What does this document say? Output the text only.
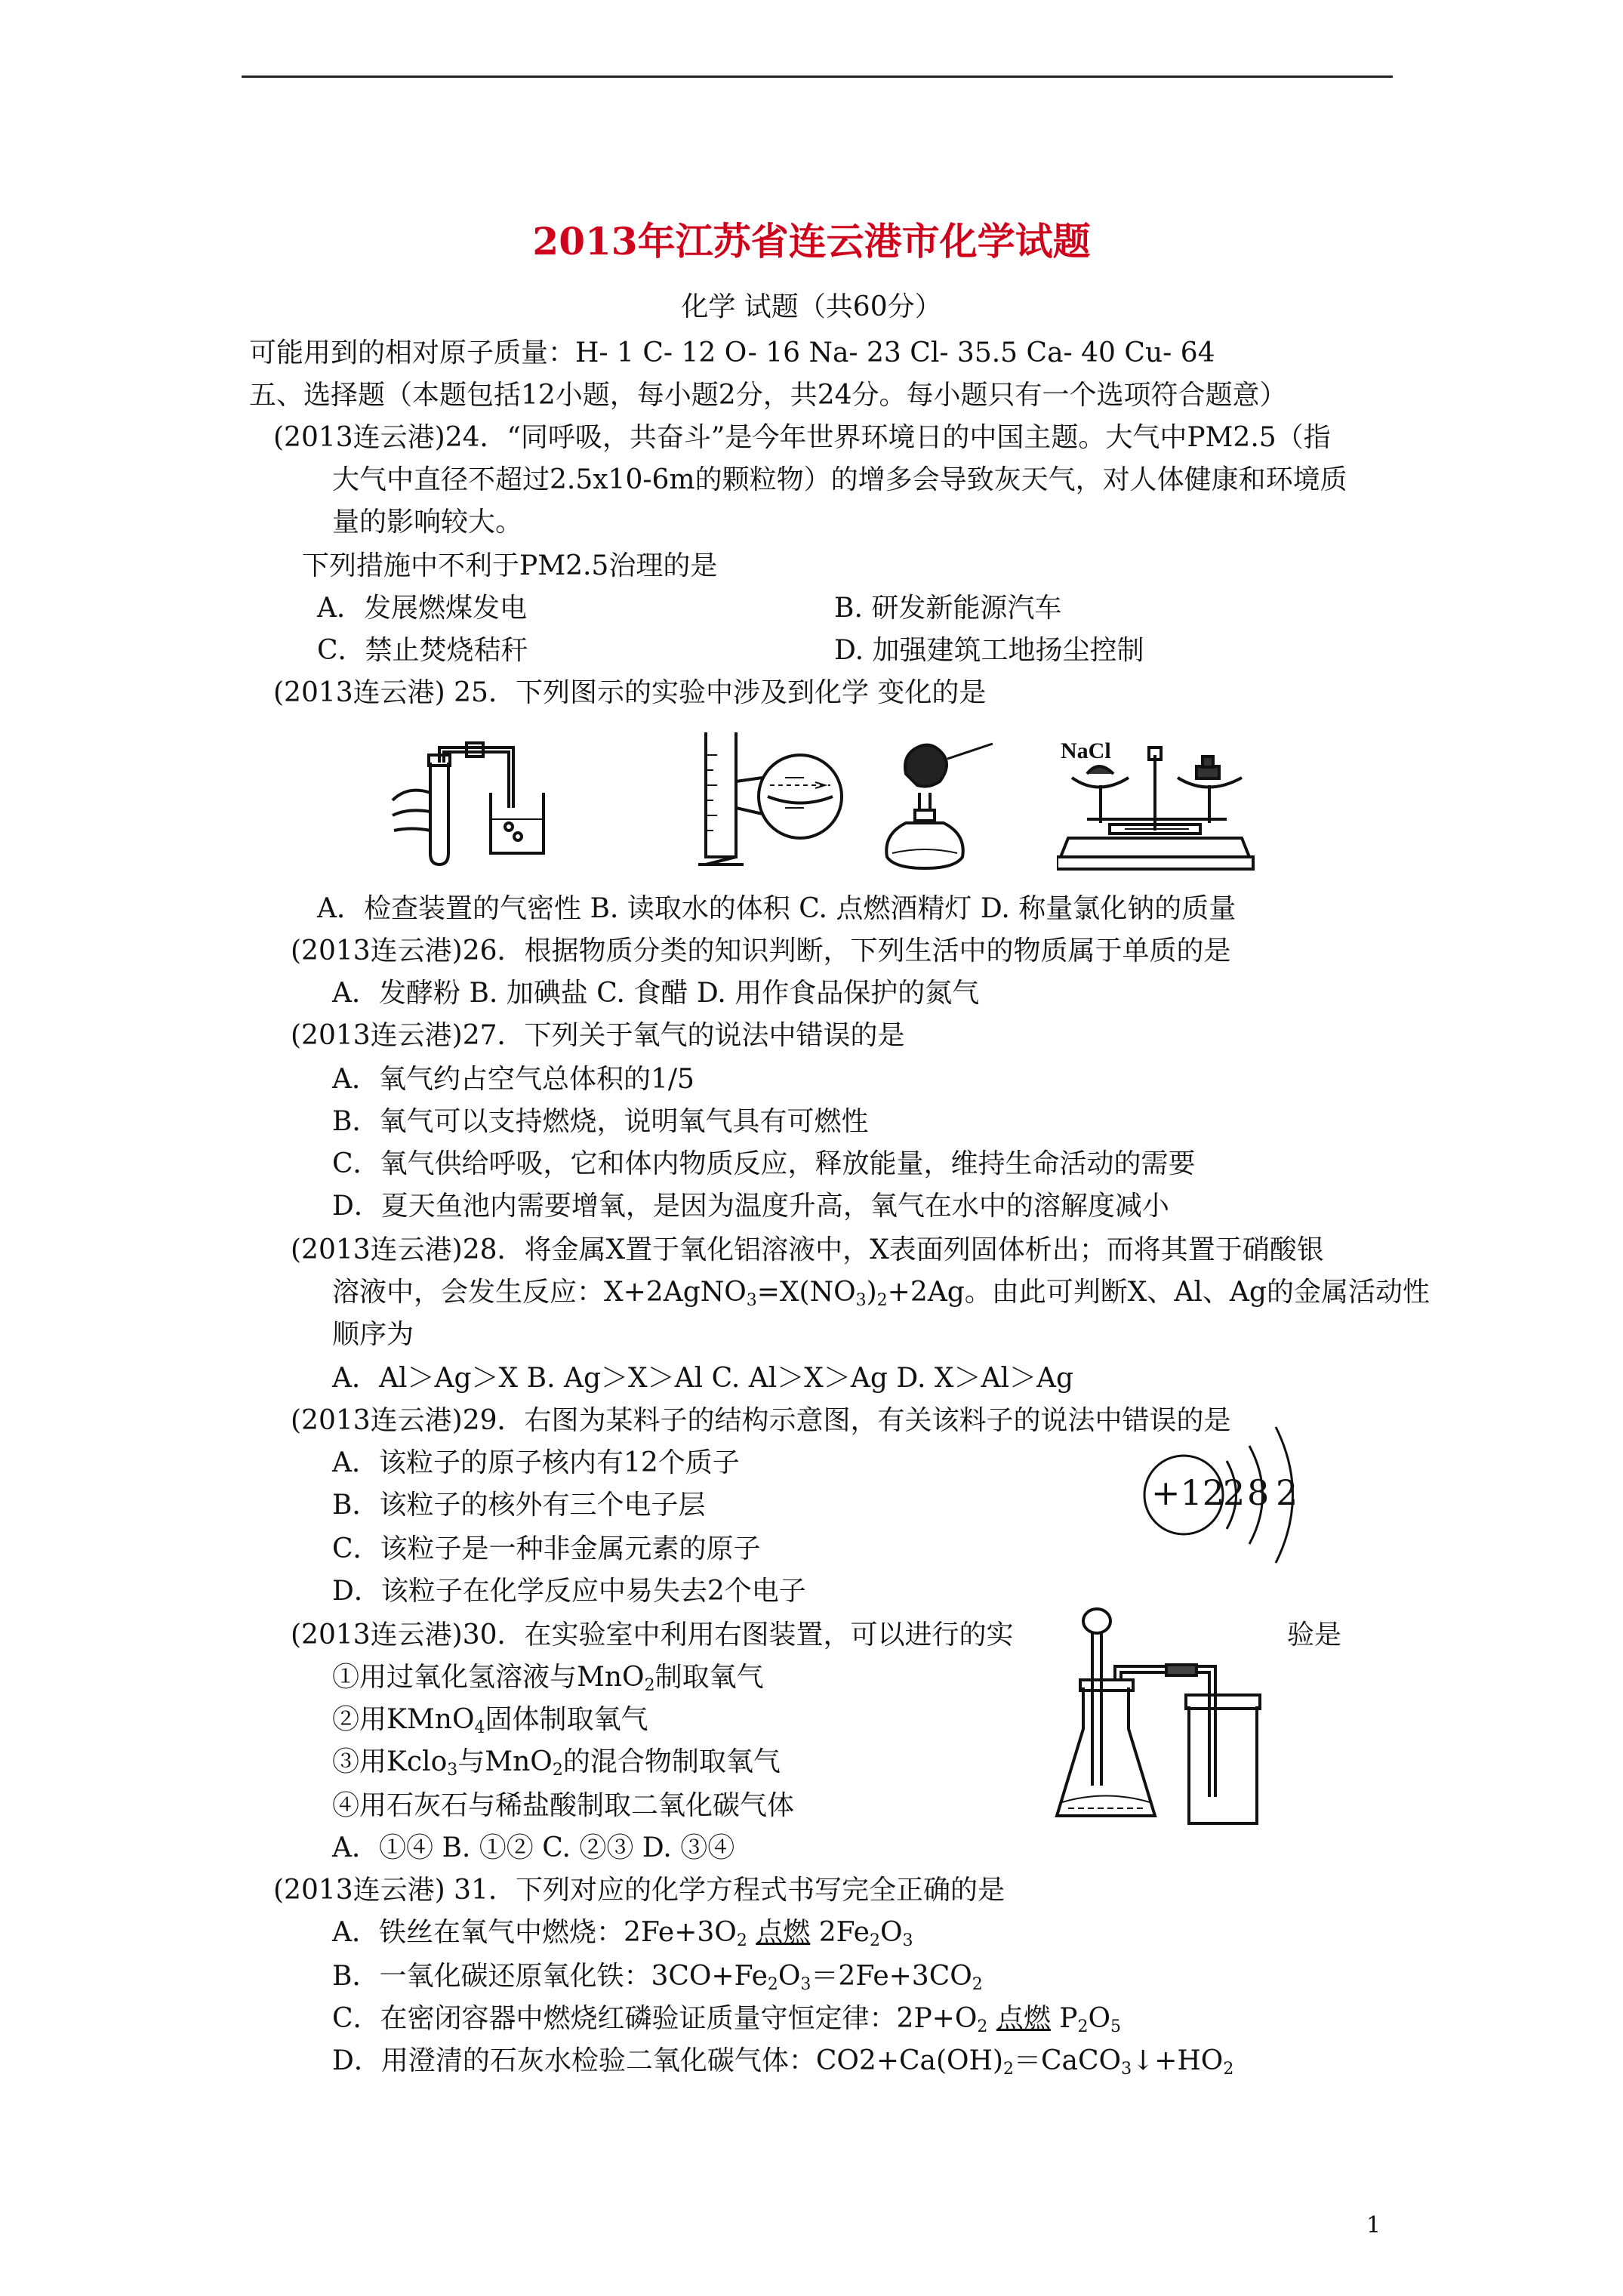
2013年江苏省连云港市化学试题
化学 试题（共60分）
可能用到的相对原子质量：H- 1 C- 12 O- 16 Na- 23 Cl- 35.5 Ca- 40 Cu- 64
五、选择题（本题包括12小题，每小题2分，共24分。每小题只有一个选项符合题意）
(2013连云港)24．“同呼吸，共奋斗”是今年世界环境日的中国主题。大气中PM2.5（指
大气中直径不超过2.5x10-6m的颗粒物）的增多会导致灰天气，对人体健康和环境质
量的影响较大。
下列措施中不利于PM2.5治理的是
A．发展燃煤发电	B. 研发新能源汽车
C．禁止焚烧秸秆	D. 加强建筑工地扬尘控制
(2013连云港) 25．下列图示的实验中涉及到化学 变化的是
NaCl
A．检查装置的气密性 B. 读取水的体积 C. 点燃酒精灯 D. 称量氯化钠的质量
(2013连云港)26．根据物质分类的知识判断，下列生活中的物质属于单质的是
A．发酵粉 B. 加碘盐 C. 食醋 D. 用作食品保护的氮气
(2013连云港)27．下列关于氧气的说法中错误的是
A．氧气约占空气总体积的1/5
B．氧气可以支持燃烧，说明氧气具有可燃性
C．氧气供给呼吸，它和体内物质反应，释放能量，维持生命活动的需要
D．夏天鱼池内需要增氧，是因为温度升高，氧气在水中的溶解度减小
(2013连云港)28．将金属X置于氧化铝溶液中，X表面列固体析出；而将其置于硝酸银
溶液中，会发生反应：$X+2AgNO_3=X(NO_3)_2+2Ag$。由此可判断X、Al、Ag的金属活动性
顺序为
A．Al＞Ag＞X B. Ag＞X＞Al C. Al＞X＞Ag D. X＞Al＞Ag
(2013连云港)29．右图为某料子的结构示意图，有关该料子的说法中错误的是
A．该粒子的原子核内有12个质子
B．该粒子的核外有三个电子层
C．该粒子是一种非金属元素的原子
D．该粒子在化学反应中易失去2个电子
+12
2 8 2
(2013连云港)30．在实验室中利用右图装置，可以进行的实	验是
①用过氧化氢溶液与MnO$_2$制取氧气
②用KMnO$_4$固体制取氧气
③用Kclo$_3$与MnO$_2$的混合物制取氧气
④用石灰石与稀盐酸制取二氧化碳气体
A．①④ B. ①② C. ②③ D. ③④
(2013连云港) 31．下列对应的化学方程式书写完全正确的是
A．铁丝在氧气中燃烧：$2Fe+3O_2$ 点燃 $2Fe_2O_3$
B．一氧化碳还原氧化铁：$3CO+Fe_2O_3=2Fe+3CO_2$
C．在密闭容器中燃烧红磷验证质量守恒定律：$2P+O_2$ 点燃 $P_2O_5$
D．用澄清的石灰水检验二氧化碳气体：$CO2+Ca(OH)_2=CaCO_3↓+HO_2$
1
